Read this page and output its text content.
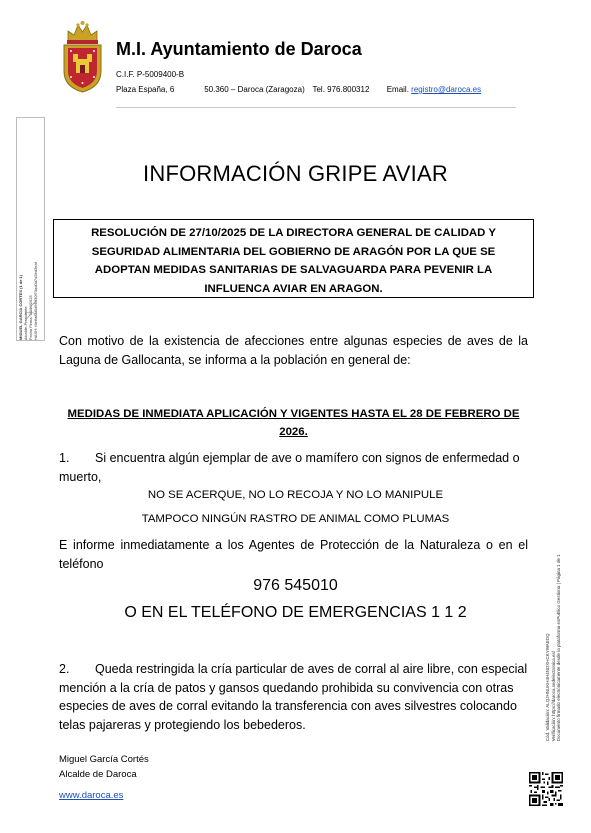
M.I. Ayuntamiento de Daroca
C.I.F. P-5009400-B
Plaza España, 6	50.360 – Daroca (Zaragoza) Tel. 976.800312 Email. registro@daroca.es
MIGUEL GARCIA CORTES (1 de 1) Alcalde-Presidente Fecha Firma: 30/10/2025 HASH: f4e6af0d5d9f3f30f73ad0d7d2bd3eaf
INFORMACIÓN GRIPE AVIAR
RESOLUCIÓN DE 27/10/2025 DE LA DIRECTORA GENERAL DE CALIDAD Y SEGURIDAD ALIMENTARIA DEL GOBIERNO DE ARAGÓN POR LA QUE SE ADOPTAN MEDIDAS SANITARIAS DE SALVAGUARDA PARA PEVENIR LA INFLUENCA AVIAR EN ARAGON.
Con motivo de la existencia de afecciones entre algunas especies de aves de la Laguna de Gallocanta, se informa a la población en general de:
MEDIDAS DE INMEDIATA APLICACIÓN Y VIGENTES HASTA EL 28 DE FEBRERO DE 2026.
1. Si encuentra algún ejemplar de ave o mamífero con signos de enfermedad o muerto,
NO SE ACERQUE, NO LO RECOJA Y NO LO MANIPULE
TAMPOCO NINGÚN RASTRO DE ANIMAL COMO PLUMAS
E informe inmediatamente a los Agentes de Protección de la Naturaleza o en el teléfono
976 545010
O EN EL TELÉFONO DE EMERGENCIAS 1 1 2
2. Queda restringida la cría particular de aves de corral al aire libre, con especial mención a la cría de patos y gansos quedando prohibida su convivencia con otras especies de aves de corral evitando la transferencia con aves silvestres colocando telas pajareras y protegiendo los bebederos.
Miguel García Cortés
Alcalde de Daroca
www.daroca.es
Cód. Validación: ALQJHNUKH4H4NDXHCKYWAEDQ Verificación: https://daroca.sedelectronica.es/ Documento firmado electrónicamente desde la plataforma esPublico Gestiona | Página 1 de 1
